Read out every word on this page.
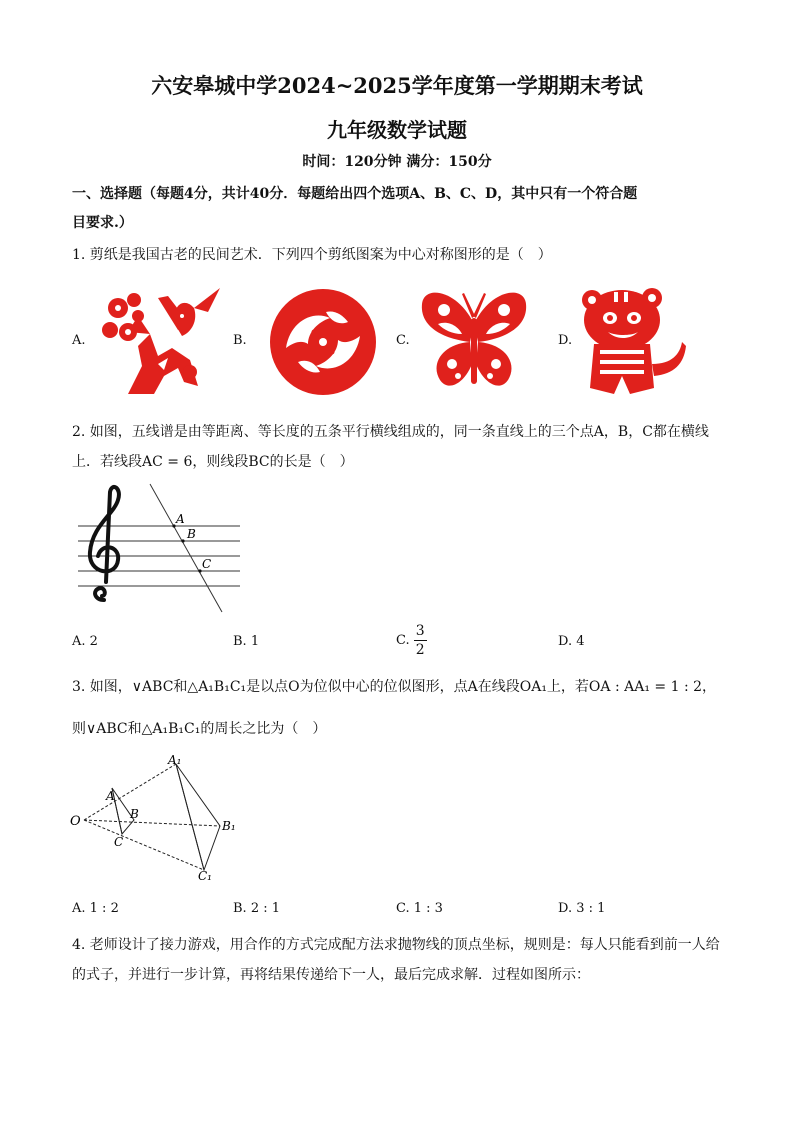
六安皋城中学2024~2025学年度第一学期期末考试
九年级数学试题
时间：120分钟 满分：150分
一、选择题（每题4分，共计40分．每题给出四个选项A、B、C、D，其中只有一个符合题
目要求.）
1. 剪纸是我国古老的民间艺术．下列四个剪纸图案为中心对称图形的是（　）
A.	B.	C.	D.
2. 如图，五线谱是由等距离、等长度的五条平行横线组成的，同一条直线上的三个点A，B，C都在横线
上．若线段AC = 6，则线段BC的长是（　）
A
B
C
A. 2	B. 1	C. $\frac{3}{2}$	D. 4
3. 如图，∨ABC和△A₁B₁C₁是以点O为位似中心的位似图形，点A在线段OA₁上，若OA : AA₁ = 1 : 2，
则∨ABC和△A₁B₁C₁的周长之比为（　）
O
A
B
C
A₁
B₁
C₁
A. 1 : 2	B. 2 : 1	C. 1 : 3	D. 3 : 1
4. 老师设计了接力游戏，用合作的方式完成配方法求抛物线的顶点坐标，规则是：每人只能看到前一人给
的式子，并进行一步计算，再将结果传递给下一人，最后完成求解．过程如图所示：
